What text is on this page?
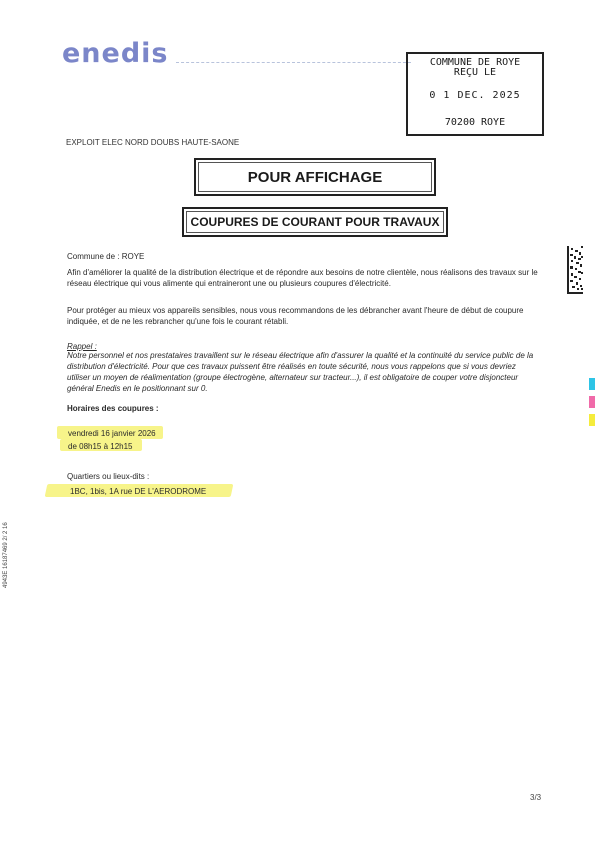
enedis	COMMUNE DE ROYE
REÇU LE
0 1 DEC. 2025
70200 ROYE
EXPLOIT ELEC NORD DOUBS HAUTE-SAONE
POUR AFFICHAGE
COUPURES DE COURANT POUR TRAVAUX
Commune de : ROYE
Afin d'améliorer la qualité de la distribution électrique et de répondre aux besoins de notre clientèle, nous réalisons des travaux sur le réseau électrique qui vous alimente qui entraineront une ou plusieurs coupures d'électricité.
Pour protéger au mieux vos appareils sensibles, nous vous recommandons de les débrancher avant l'heure de début de coupure indiquée, et de ne les rebrancher qu'une fois le courant rétabli.
Rappel :
Notre personnel et nos prestataires travaillent sur le réseau électrique afin d'assurer la qualité et la continuité du service public de la distribution d'électricité. Pour que ces travaux puissent être réalisés en toute sécurité, nous vous rappelons que si vous devriez utiliser un moyen de réalimentation (groupe électrogène, alternateur sur tracteur...), il est obligatoire de couper votre disjoncteur général Enedis en le positionnant sur 0.
Horaires des coupures :
vendredi 16 janvier 2026
de 08h15 à 12h15
Quartiers ou lieux-dits :
1BC, 1bis, 1A rue DE L'AERODROME
4943E 16187469 2/ 2 16
3/3
